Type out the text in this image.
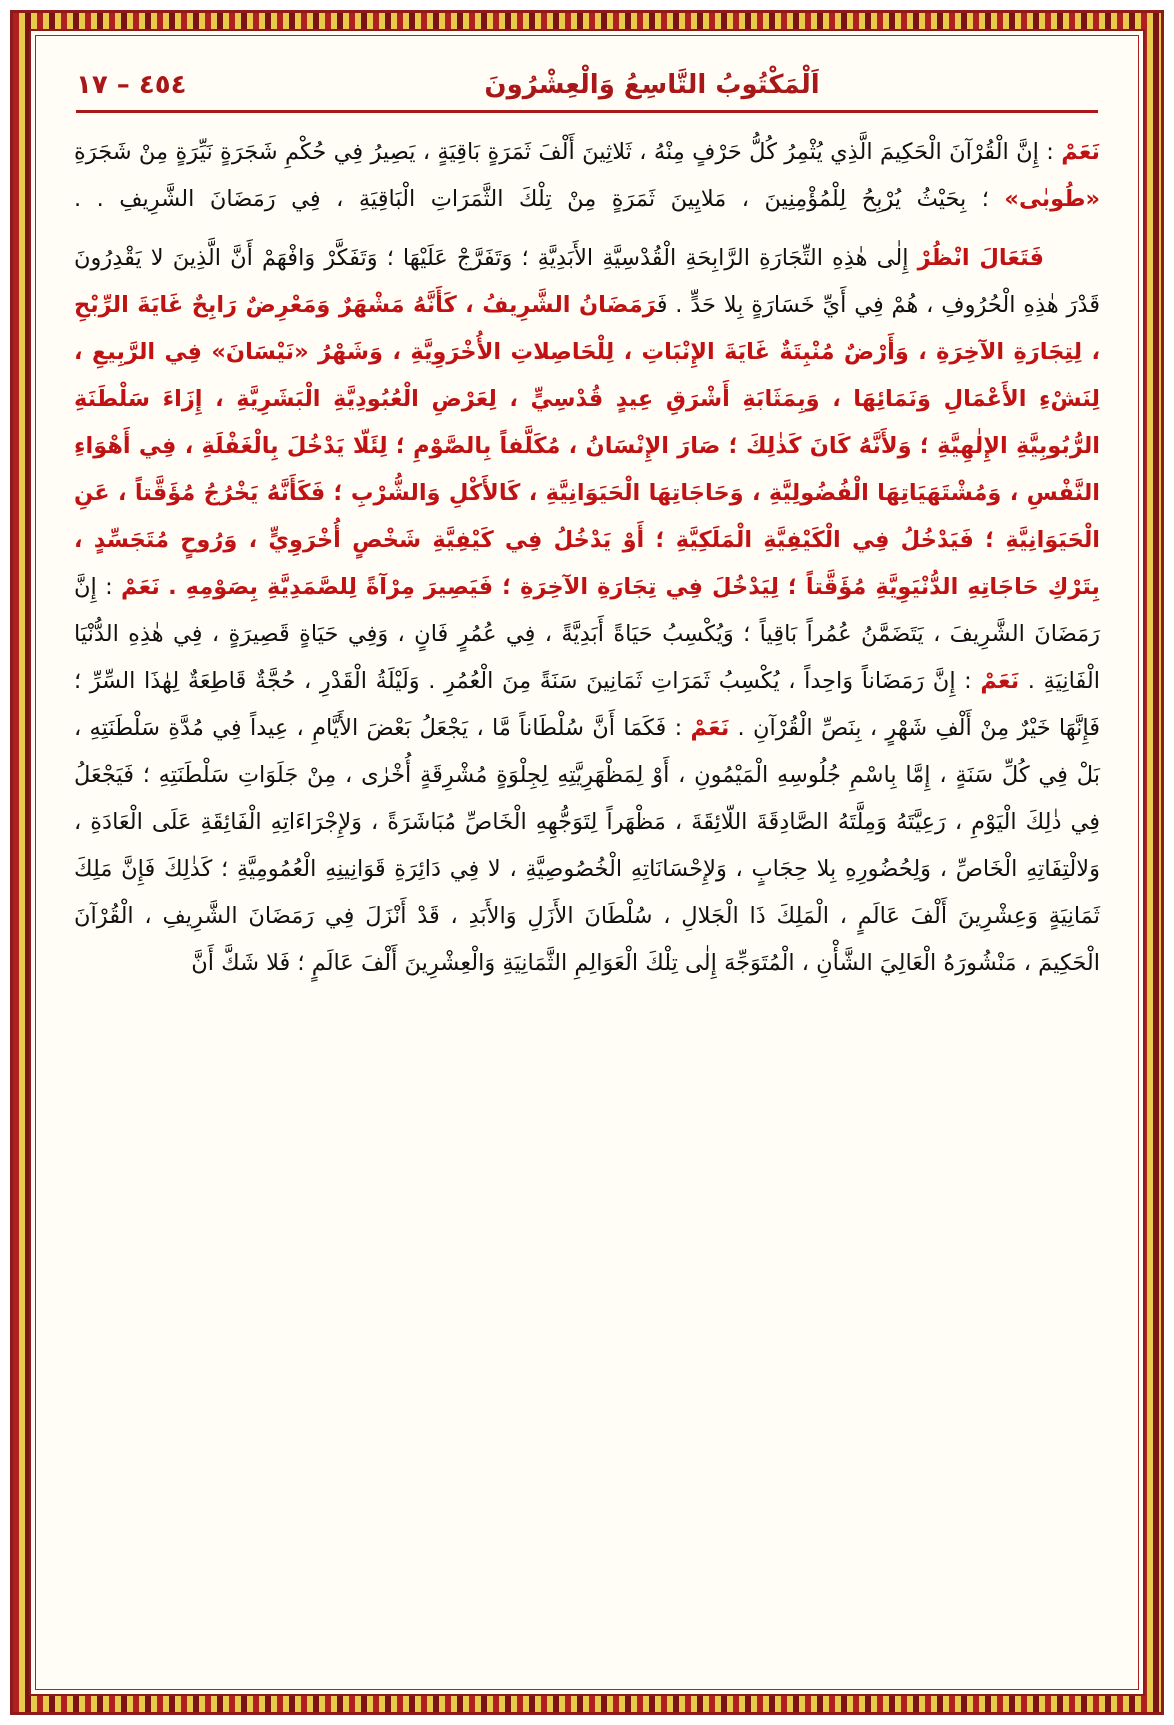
٤٥٤ – ١٧	اَلْمَكْتُوبُ التَّاسِعُ وَالْعِشْرُونَ

نَعَمْ : إِنَّ الْقُرْآنَ الْحَكِيمَ الَّذِي يُثْمِرُ كُلُّ حَرْفٍ مِنْهُ ، ثَلاثِينَ أَلْفَ ثَمَرَةٍ بَاقِيَةٍ ، يَصِيرُ فِي حُكْمِ شَجَرَةٍ نَيِّرَةٍ مِنْ شَجَرَةِ «طُوبٰى» ؛ بِحَيْثُ يُرْبِحُ لِلْمُؤْمِنِينَ ، مَلايِينَ ثَمَرَةٍ مِنْ تِلْكَ الثَّمَرَاتِ الْبَاقِيَةِ ، فِي رَمَضَانَ الشَّرِيفِ . .

فَتَعَالَ انْظُرْ إِلٰى هٰذِهِ التِّجَارَةِ الرَّابِحَةِ الْقُدْسِيَّةِ الأَبَدِيَّةِ ؛ وَتَفَرَّجْ عَلَيْهَا ؛ وَتَفَكَّرْ وَافْهَمْ أَنَّ الَّذِينَ لا يَقْدِرُونَ قَدْرَ هٰذِهِ الْحُرُوفِ ، هُمْ فِي أَيِّ خَسَارَةٍ بِلا حَدٍّ . فَرَمَضَانُ الشَّرِيفُ ، كَأَنَّهُ مَشْهَرٌ وَمَعْرِضٌ رَابِحٌ غَايَةَ الرِّبْحِ ، لِتِجَارَةِ الآخِرَةِ ، وَأَرْضٌ مُنْبِتَةٌ غَايَةَ الإِنْبَاتِ ، لِلْحَاصِلاتِ الأُخْرَوِيَّةِ ، وَشَهْرُ «نَيْسَانَ» فِي الرَّبِيعِ ، لِنَشْءِ الأَعْمَالِ وَنَمَائِهَا ، وَبِمَثَابَةِ أَشْرَقِ عِيدٍ قُدْسِيٍّ ، لِعَرْضِ الْعُبُودِيَّةِ الْبَشَرِيَّةِ ، إِزَاءَ سَلْطَنَةِ الرُّبُوبِيَّةِ الإِلٰهِيَّةِ ؛ وَلأَنَّهُ كَانَ كَذٰلِكَ ؛ صَارَ الإِنْسَانُ ، مُكَلَّفاً بِالصَّوْمِ ؛ لِئَلّا يَدْخُلَ بِالْغَفْلَةِ ، فِي أَهْوَاءِ النَّفْسِ ، وَمُشْتَهَيَاتِهَا الْفُضُولِيَّةِ ، وَحَاجَاتِهَا الْحَيَوَانِيَّةِ ، كَالأَكْلِ وَالشُّرْبِ ؛ فَكَأَنَّهُ يَخْرُجُ مُؤَقَّتاً ، عَنِ الْحَيَوَانِيَّةِ ؛ فَيَدْخُلُ فِي الْكَيْفِيَّةِ الْمَلَكِيَّةِ ؛ أَوْ يَدْخُلُ فِي كَيْفِيَّةِ شَخْصٍ أُخْرَوِيٍّ ، وَرُوحٍ مُتَجَسِّدٍ ، بِتَرْكِ حَاجَاتِهِ الدُّنْيَوِيَّةِ مُؤَقَّتاً ؛ لِيَدْخُلَ فِي تِجَارَةِ الآخِرَةِ ؛ فَيَصِيرَ مِرْآةً لِلصَّمَدِيَّةِ بِصَوْمِهِ . نَعَمْ : إِنَّ رَمَضَانَ الشَّرِيفَ ، يَتَضَمَّنُ عُمُراً بَاقِياً ؛ وَيُكْسِبُ حَيَاةً أَبَدِيَّةً ، فِي عُمُرٍ فَانٍ ، وَفِي حَيَاةٍ قَصِيرَةٍ ، فِي هٰذِهِ الدُّنْيَا الْفَانِيَةِ . نَعَمْ : إِنَّ رَمَضَاناً وَاحِداً ، يُكْسِبُ ثَمَرَاتِ ثَمَانِينَ سَنَةً مِنَ الْعُمُرِ . وَلَيْلَةُ الْقَدْرِ ، حُجَّةٌ قَاطِعَةٌ لِهٰذَا السِّرِّ ؛ فَإِنَّهَا خَيْرٌ مِنْ أَلْفِ شَهْرٍ ، بِنَصِّ الْقُرْآنِ . نَعَمْ : فَكَمَا أَنَّ سُلْطَاناً مَّا ، يَجْعَلُ بَعْضَ الأَيَّامِ ، عِيداً فِي مُدَّةِ سَلْطَنَتِهِ ، بَلْ فِي كُلِّ سَنَةٍ ، إِمَّا بِاسْمِ جُلُوسِهِ الْمَيْمُونِ ، أَوْ لِمَظْهَرِيَّتِهِ لِجِلْوَةٍ مُشْرِقَةٍ أُخْرٰى ، مِنْ جَلَوَاتِ سَلْطَنَتِهِ ؛ فَيَجْعَلُ فِي ذٰلِكَ الْيَوْمِ ، رَعِيَّتَهُ وَمِلَّتَهُ الصَّادِقَةَ اللّائِقَةَ ، مَظْهَراً لِتَوَجُّهِهِ الْخَاصِّ مُبَاشَرَةً ، وَلإِجْرَاءَاتِهِ الْفَائِقَةِ عَلَى الْعَادَةِ ، وَلالْتِفَاتِهِ الْخَاصِّ ، وَلِحُضُورِهِ بِلا حِجَابٍ ، وَلإِحْسَانَاتِهِ الْخُصُوصِيَّةِ ، لا فِي دَائِرَةِ قَوَانِينِهِ الْعُمُومِيَّةِ ؛ كَذٰلِكَ فَإِنَّ مَلِكَ ثَمَانِيَةٍ وَعِشْرِينَ أَلْفَ عَالَمٍ ، الْمَلِكَ ذَا الْجَلالِ ، سُلْطَانَ الأَزَلِ وَالأَبَدِ ، قَدْ أَنْزَلَ فِي رَمَضَانَ الشَّرِيفِ ، الْقُرْآنَ الْحَكِيمَ ، مَنْشُورَهُ الْعَالِيَ الشَّأْنِ ، الْمُتَوَجِّهَ إِلٰى تِلْكَ الْعَوَالِمِ الثَّمَانِيَةِ وَالْعِشْرِينَ أَلْفَ عَالَمٍ ؛ فَلا شَكَّ أَنَّ
